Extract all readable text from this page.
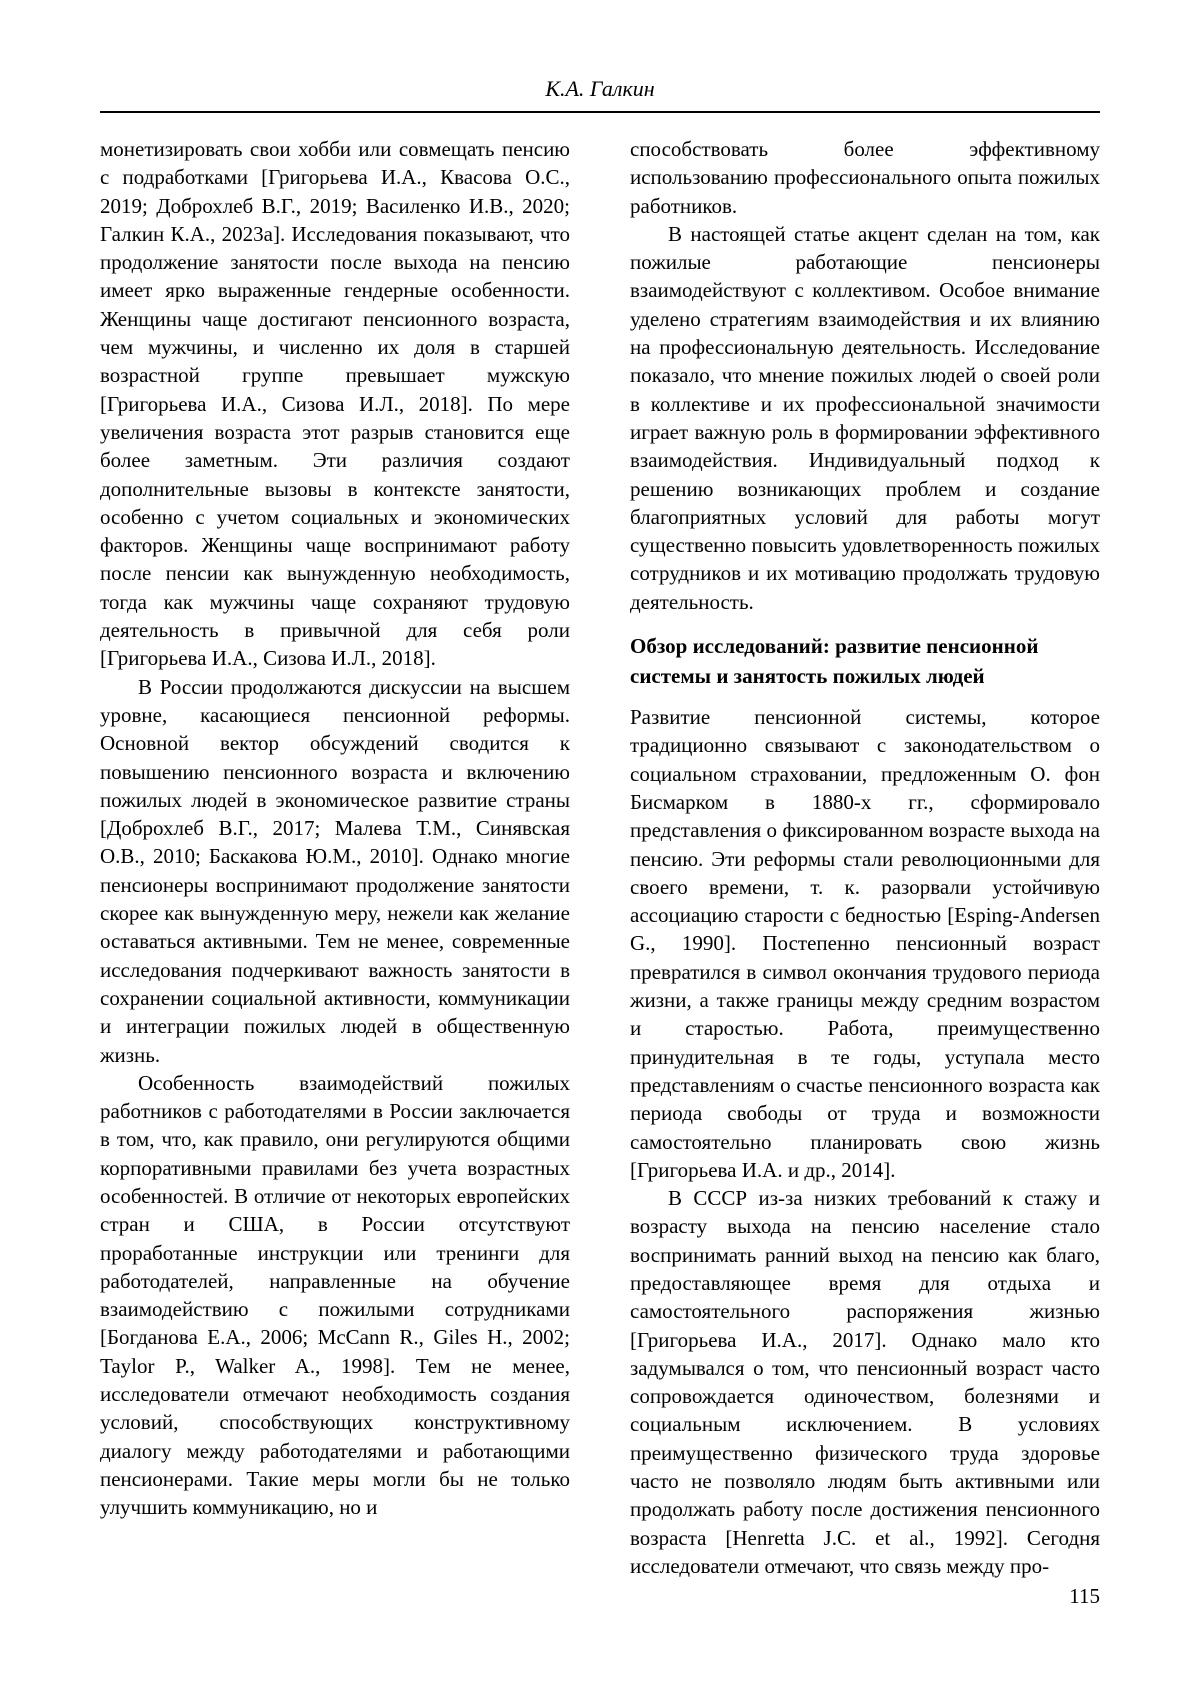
К.А. Галкин

монетизировать свои хобби или совмещать пенсию с подработками [Григорьева И.А., Квасова О.С., 2019; Доброхлеб В.Г., 2019; Василенко И.В., 2020; Галкин К.А., 2023а]. Исследования показывают, что продолжение занятости после выхода на пенсию имеет ярко выраженные гендерные особенности. Женщины чаще достигают пенсионного возраста, чем мужчины, и численно их доля в старшей возрастной группе превышает мужскую [Григорьева И.А., Сизова И.Л., 2018]. По мере увеличения возраста этот разрыв становится еще более заметным. Эти различия создают дополнительные вызовы в контексте занятости, особенно с учетом социальных и экономических факторов. Женщины чаще воспринимают работу после пенсии как вынужденную необходимость, тогда как мужчины чаще сохраняют трудовую деятельность в привычной для себя роли [Григорьева И.А., Сизова И.Л., 2018].

В России продолжаются дискуссии на высшем уровне, касающиеся пенсионной реформы. Основной вектор обсуждений сводится к повышению пенсионного возраста и включению пожилых людей в экономическое развитие страны [Доброхлеб В.Г., 2017; Малева Т.М., Синявская О.В., 2010; Баскакова Ю.М., 2010]. Однако многие пенсионеры воспринимают продолжение занятости скорее как вынужденную меру, нежели как желание оставаться активными. Тем не менее, современные исследования подчеркивают важность занятости в сохранении социальной активности, коммуникации и интеграции пожилых людей в общественную жизнь.

Особенность взаимодействий пожилых работников с работодателями в России заключается в том, что, как правило, они регулируются общими корпоративными правилами без учета возрастных особенностей. В отличие от некоторых европейских стран и США, в России отсутствуют проработанные инструкции или тренинги для работодателей, направленные на обучение взаимодействию с пожилыми сотрудниками [Богданова Е.А., 2006; McCann R., Giles H., 2002; Taylor P., Walker A., 1998]. Тем не менее, исследователи отмечают необходимость создания условий, способствующих конструктивному диалогу между работодателями и работающими пенсионерами. Такие меры могли бы не только улучшить коммуникацию, но и

способствовать более эффективному использованию профессионального опыта пожилых работников.

В настоящей статье акцент сделан на том, как пожилые работающие пенсионеры взаимодействуют с коллективом. Особое внимание уделено стратегиям взаимодействия и их влиянию на профессиональную деятельность. Исследование показало, что мнение пожилых людей о своей роли в коллективе и их профессиональной значимости играет важную роль в формировании эффективного взаимодействия. Индивидуальный подход к решению возникающих проблем и создание благоприятных условий для работы могут существенно повысить удовлетворенность пожилых сотрудников и их мотивацию продолжать трудовую деятельность.

Обзор исследований: развитие пенсионной системы и занятость пожилых людей

Развитие пенсионной системы, которое традиционно связывают с законодательством о социальном страховании, предложенным О. фон Бисмарком в 1880-х гг., сформировало представления о фиксированном возрасте выхода на пенсию. Эти реформы стали революционными для своего времени, т. к. разорвали устойчивую ассоциацию старости с бедностью [Esping-Andersen G., 1990]. Постепенно пенсионный возраст превратился в символ окончания трудового периода жизни, а также границы между средним возрастом и старостью. Работа, преимущественно принудительная в те годы, уступала место представлениям о счастье пенсионного возраста как периода свободы от труда и возможности самостоятельно планировать свою жизнь [Григорьева И.А. и др., 2014].

В СССР из-за низких требований к стажу и возрасту выхода на пенсию население стало воспринимать ранний выход на пенсию как благо, предоставляющее время для отдыха и самостоятельного распоряжения жизнью [Григорьева И.А., 2017]. Однако мало кто задумывался о том, что пенсионный возраст часто сопровождается одиночеством, болезнями и социальным исключением. В условиях преимущественно физического труда здоровье часто не позволяло людям быть активными или продолжать работу после достижения пенсионного возраста [Henretta J.C. et al., 1992]. Сегодня исследователи отмечают, что связь между про-

115
